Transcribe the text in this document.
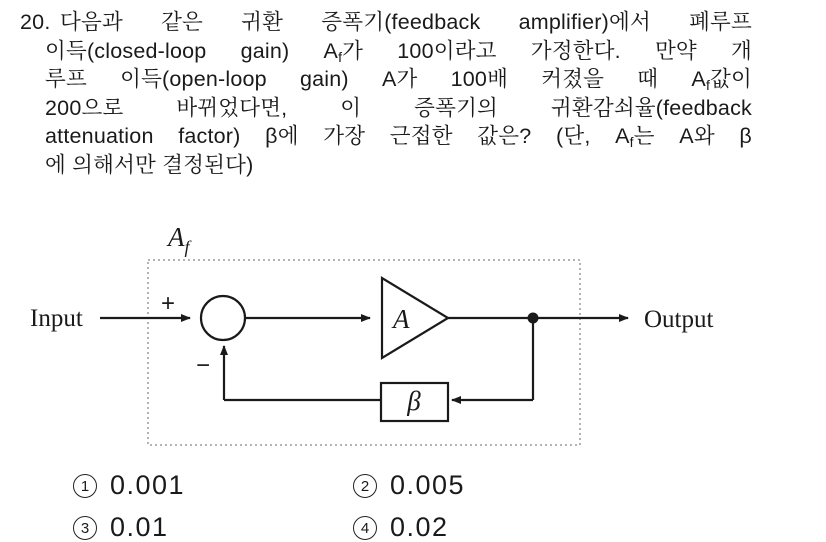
20. 다음과 같은 귀환 증폭기(feedback amplifier)에서 폐루프
이득(closed-loop gain) $A_f$가 100이라고 가정한다. 만약 개
루프 이득(open-loop gain) A가 100배 커졌을 때 $A_f$값이
200으로 바뀌었다면, 이 증폭기의 귀환감쇠율(feedback
attenuation factor) β에 가장 근접한 값은? (단, $A_f$는 A와 β
에 의해서만 결정된다)
$A_f$
+
−
A
β
Input	Output
1 0.001	2 0.005
3 0.01	4 0.02
